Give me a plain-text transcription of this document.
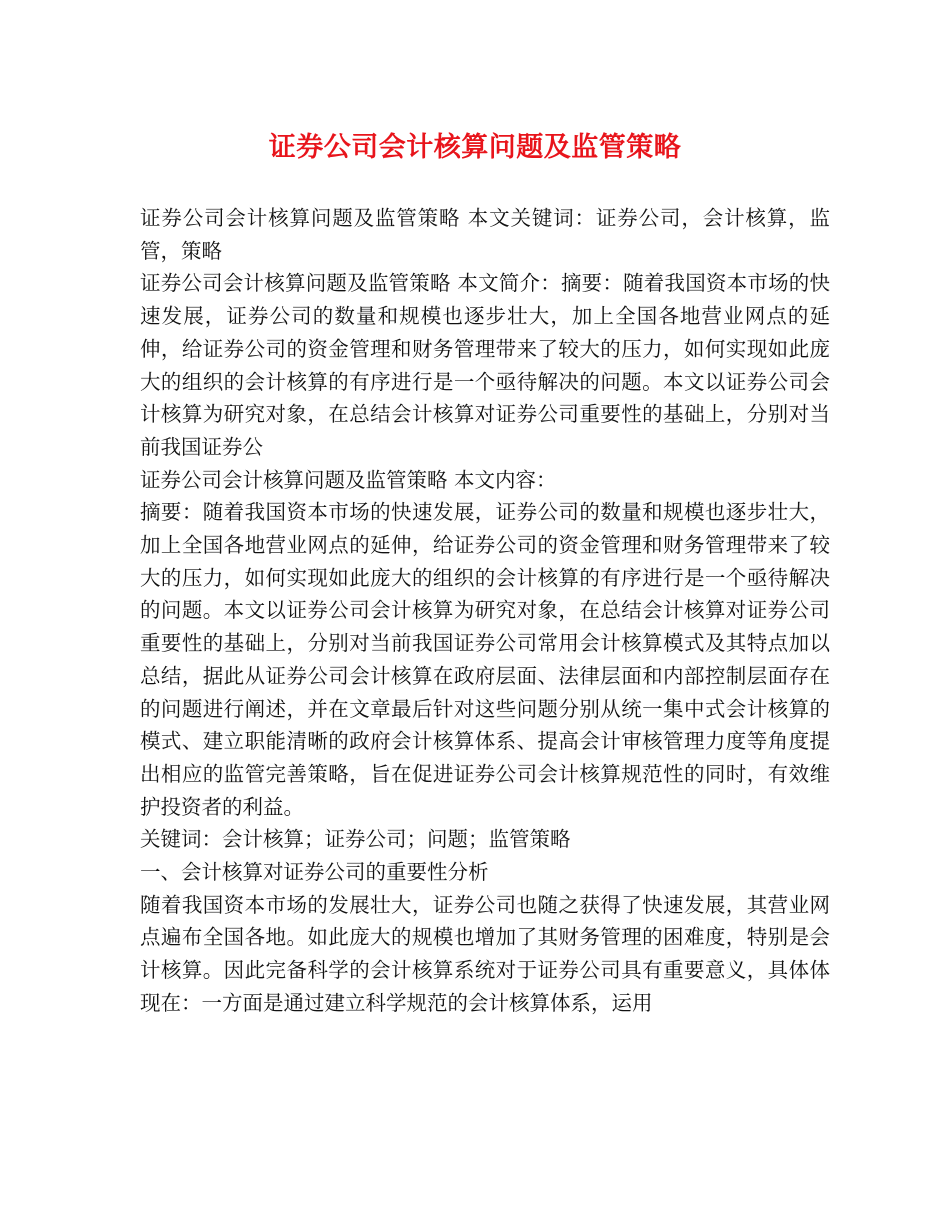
证券公司会计核算问题及监管策略

证券公司会计核算问题及监管策略 本文关键词：证券公司，会计核算，监管，策略

证券公司会计核算问题及监管策略 本文简介：摘要：随着我国资本市场的快速发展，证券公司的数量和规模也逐步壮大，加上全国各地营业网点的延伸，给证券公司的资金管理和财务管理带来了较大的压力，如何实现如此庞大的组织的会计核算的有序进行是一个亟待解决的问题。本文以证券公司会计核算为研究对象，在总结会计核算对证券公司重要性的基础上，分别对当前我国证券公

证券公司会计核算问题及监管策略 本文内容：

摘要：随着我国资本市场的快速发展，证券公司的数量和规模也逐步壮大，加上全国各地营业网点的延伸，给证券公司的资金管理和财务管理带来了较大的压力，如何实现如此庞大的组织的会计核算的有序进行是一个亟待解决的问题。本文以证券公司会计核算为研究对象，在总结会计核算对证券公司重要性的基础上，分别对当前我国证券公司常用会计核算模式及其特点加以总结，据此从证券公司会计核算在政府层面、法律层面和内部控制层面存在的问题进行阐述，并在文章最后针对这些问题分别从统一集中式会计核算的模式、建立职能清晰的政府会计核算体系、提高会计审核管理力度等角度提出相应的监管完善策略，旨在促进证券公司会计核算规范性的同时，有效维护投资者的利益。

关键词：会计核算；证券公司；问题；监管策略

一、会计核算对证券公司的重要性分析

随着我国资本市场的发展壮大，证券公司也随之获得了快速发展，其营业网点遍布全国各地。如此庞大的规模也增加了其财务管理的困难度，特别是会计核算。因此完备科学的会计核算系统对于证券公司具有重要意义，具体体现在：一方面是通过建立科学规范的会计核算体系，运用
